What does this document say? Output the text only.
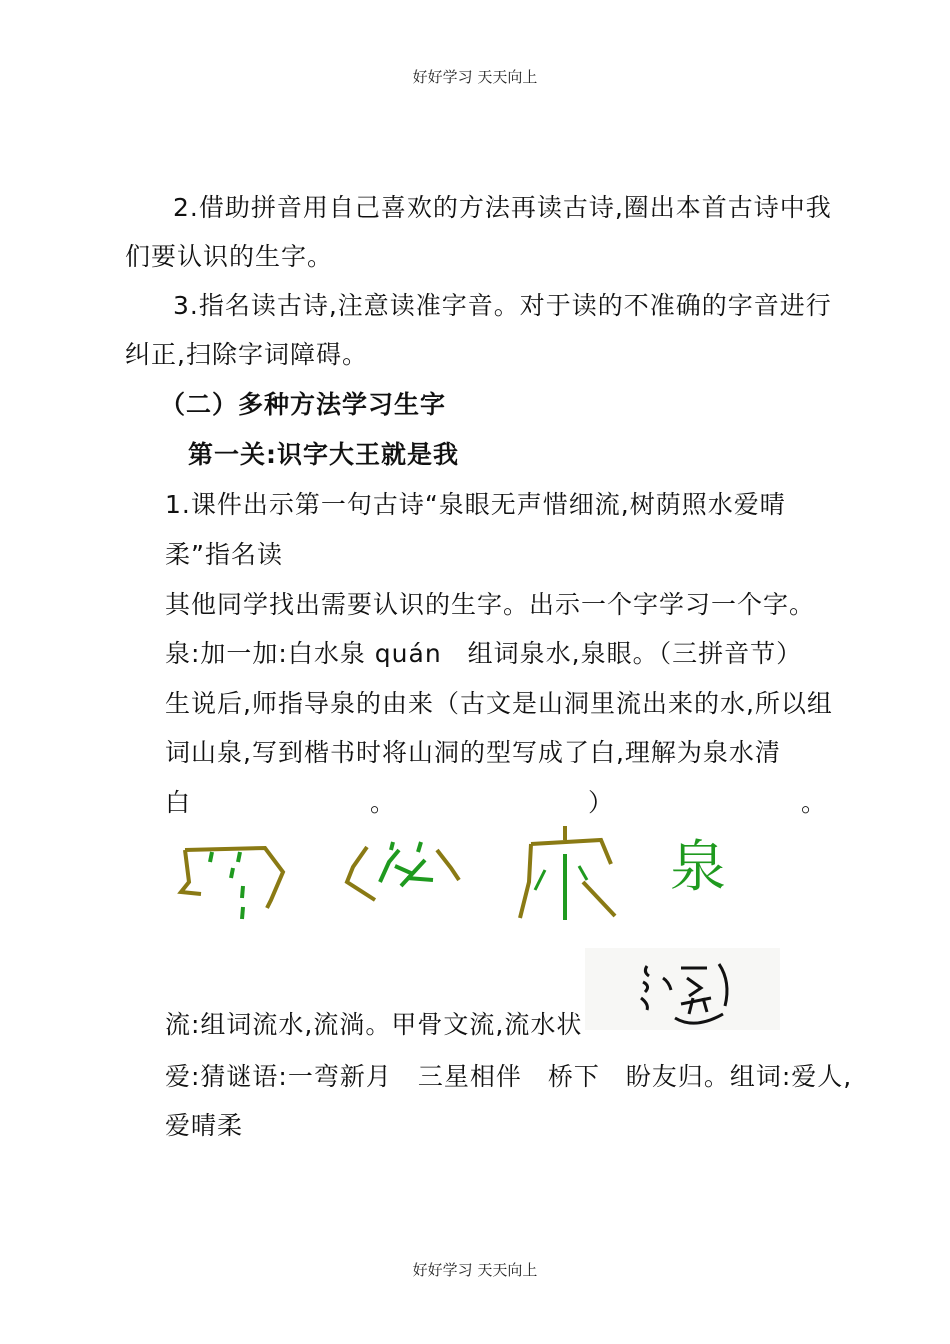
好好学习 天天向上
2.借助拼音用自己喜欢的方法再读古诗,圈出本首古诗中我
们要认识的生字。
3.指名读古诗,注意读准字音。对于读的不准确的字音进行
纠正,扫除字词障碍。
（二）多种方法学习生字
第一关:识字大王就是我
1.课件出示第一句古诗“泉眼无声惜细流,树荫照水爱晴
柔”指名读
其他同学找出需要认识的生字。出示一个字学习一个字。
泉:加一加:白水泉 quán　组词泉水,泉眼。（三拼音节）
生说后,师指导泉的由来（古文是山洞里流出来的水,所以组
词山泉,写到楷书时将山洞的型写成了白,理解为泉水清
白	。	）	。
泉
流:组词流水,流淌。甲骨文流,流水状
爱:猜谜语:一弯新月　三星相伴　桥下　盼友归。组词:爱人,
爱晴柔
好好学习 天天向上
